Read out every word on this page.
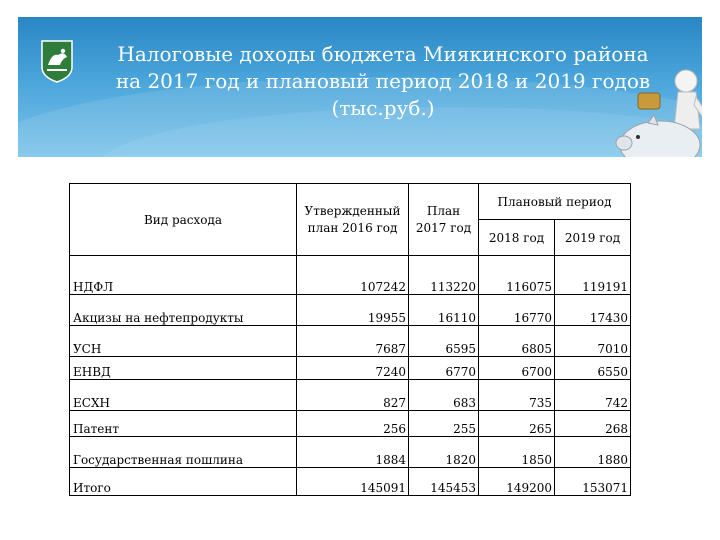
Налоговые доходы бюджета Миякинского района
на 2017 год и плановый период 2018 и 2019 годов
(тыс.руб.)
Вид расхода	Утвержденный план 2016 год	План 2017 год	Плановый период	
			2018 год	2019 год
НДФЛ	107242	113220	116075	119191
Акцизы на нефтепродукты	19955	16110	16770	17430
УСН	7687	6595	6805	7010
ЕНВД	7240	6770	6700	6550
ЕСХН	827	683	735	742
Патент	256	255	265	268
Государственная пошлина	1884	1820	1850	1880
Итого	145091	145453	149200	153071
